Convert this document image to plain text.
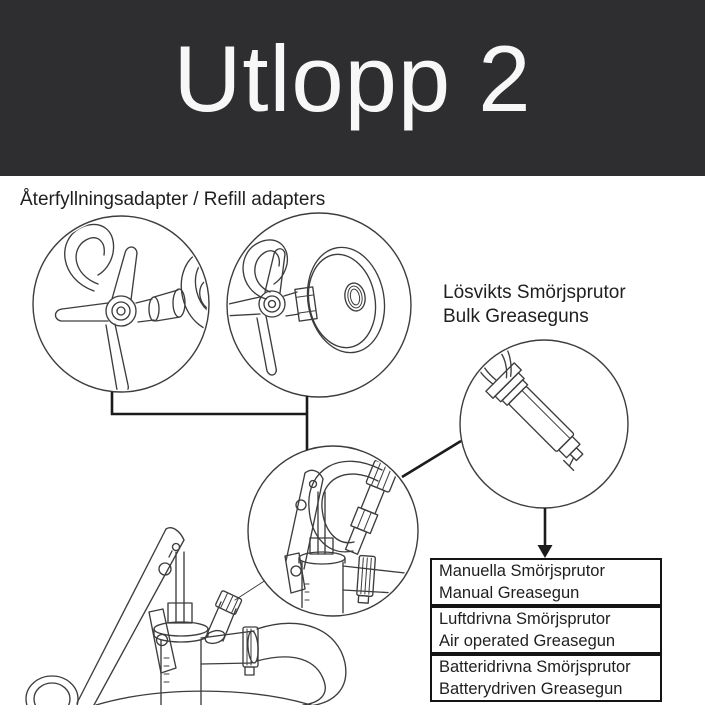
Utlopp 2
Återfyllningsadapter / Refill adapters
Lösvikts Smörjsprutor
Bulk Greaseguns
Manuella Smörjsprutor
Manual Greasegun
Luftdrivna Smörjsprutor
Air operated Greasegun
Batteridrivna Smörjsprutor
Batterydriven Greasegun
